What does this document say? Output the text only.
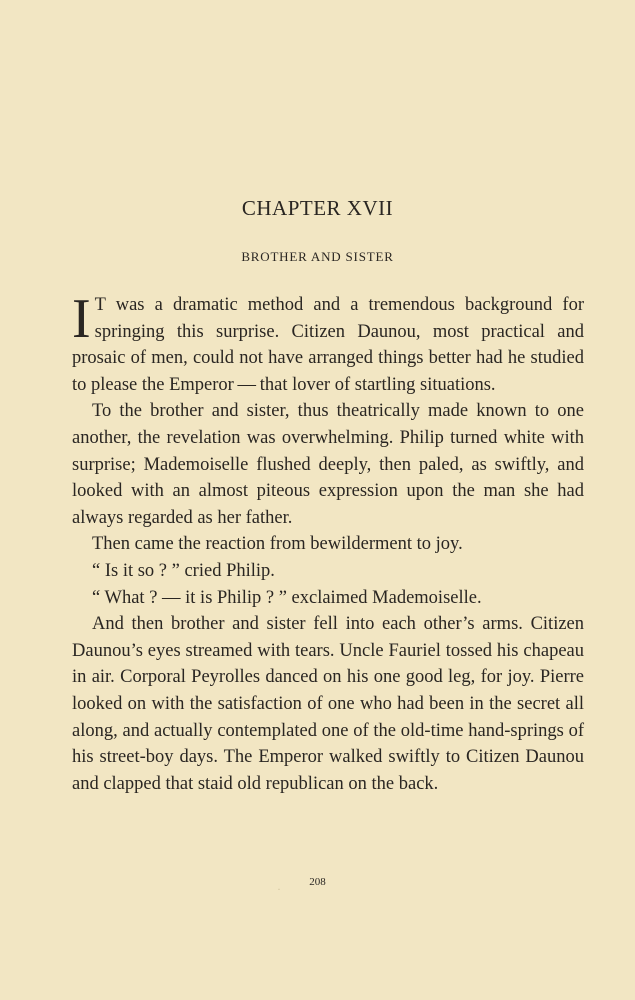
CHAPTER XVII
BROTHER AND SISTER

I T was a dramatic method and a tremendous background for springing this surprise. Citizen Daunou, most practical and prosaic of men, could not have arranged things better had he studied to please the Emperor — that lover of startling situations.

To the brother and sister, thus theatrically made known to one another, the revelation was overwhelming. Philip turned white with surprise; Mademoiselle flushed deeply, then paled, as swiftly, and looked with an almost piteous expression upon the man she had always regarded as her father.

Then came the reaction from bewilderment to joy.

“ Is it so ? ” cried Philip.

“ What ? — it is Philip ? ” exclaimed Mademoiselle.

And then brother and sister fell into each other’s arms. Citizen Daunou’s eyes streamed with tears. Uncle Fauriel tossed his chapeau in air. Corporal Peyrolles danced on his one good leg, for joy. Pierre looked on with the satisfaction of one who had been in the secret all along, and actually contemplated one of the old-time hand-springs of his street-boy days. The Emperor walked swiftly to Citizen Daunou and clapped that staid old republican on the back.

208
·
